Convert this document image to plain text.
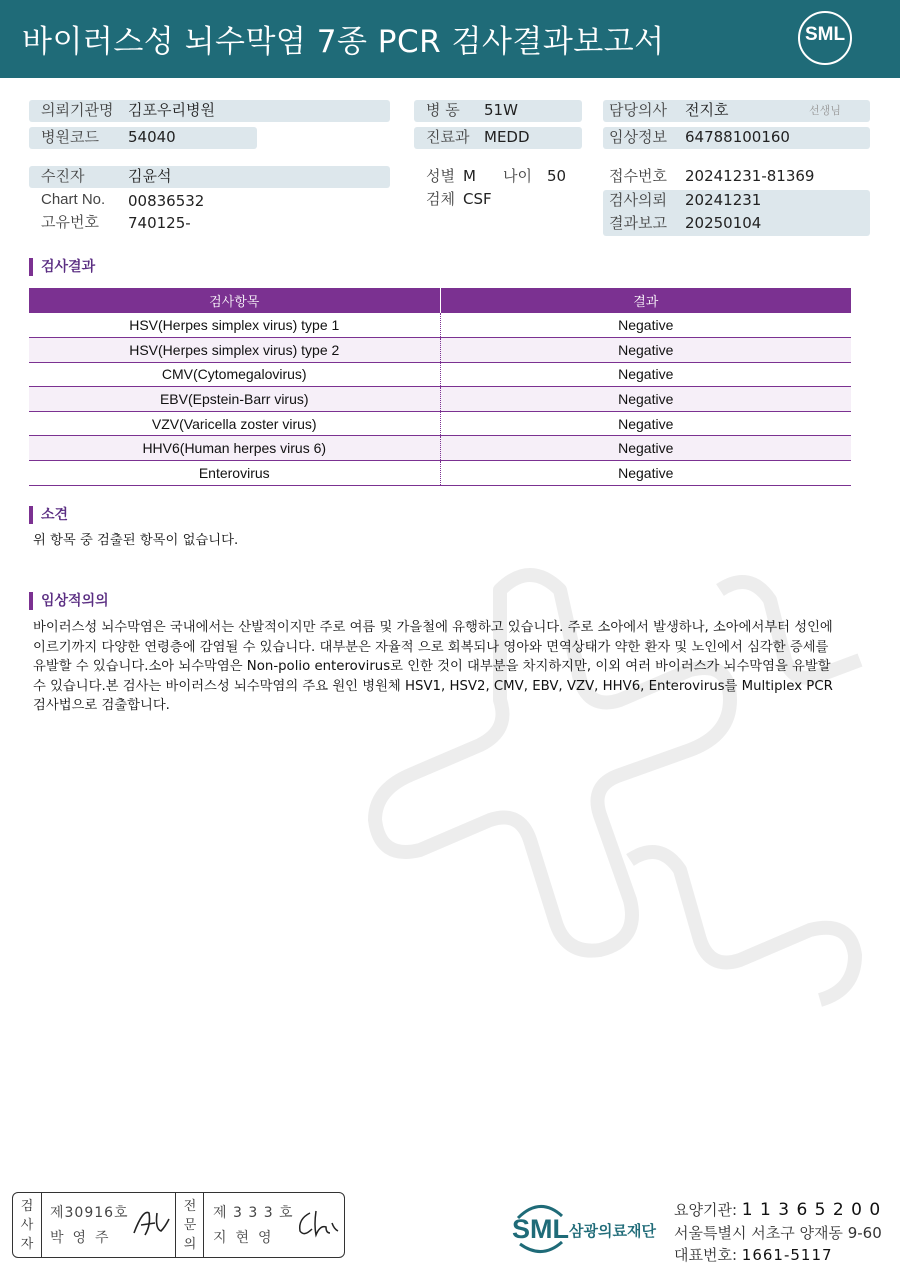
바이러스성 뇌수막염 7종 PCR 검사결과보고서	SML
의뢰기관명 김포우리병원
병원코드 54040
병 동 51W
진료과 MEDD
담당의사 전지호	선생님
임상정보 64788100160
수진자	김윤석
Chart No. 00836532
고유번호 740125-
성별 M 나이 50
검체 CSF
접수번호 20241231-81369
검사의뢰 20241231
결과보고 20250104
검사결과
검사항목	결과
HSV(Herpes simplex virus) type 1	Negative
HSV(Herpes simplex virus) type 2	Negative
CMV(Cytomegalovirus)	Negative
EBV(Epstein-Barr virus)	Negative
VZV(Varicella zoster virus)	Negative
HHV6(Human herpes virus 6)	Negative
Enterovirus	Negative
소견
위 항목 중 검출된 항목이 없습니다.
임상적의의
바이러스성 뇌수막염은 국내에서는 산발적이지만 주로 여름 및 가을철에 유행하고 있습니다. 주로 소아에서 발생하나, 소아에서부터 성인에
이르기까지 다양한 연령층에 감염될 수 있습니다. 대부분은 자율적 으로 회복되나 영아와 면역상태가 약한 환자 및 노인에서 심각한 증세를
유발할 수 있습니다.소아 뇌수막염은 Non-polio enterovirus로 인한 것이 대부분을 차지하지만, 이외 여러 바이러스가 뇌수막염을 유발할
수 있습니다.본 검사는 바이러스성 뇌수막염의 주요 원인 병원체 HSV1, HSV2, CMV, EBV, VZV, HHV6, Enterovirus를 Multiplex PCR
검사법으로 검출합니다.
검사자
제30916호
박영주
전문의
제 3 3 3 호
지현영	SML 삼광의료재단
요양기관: 1 1 3 6 5 2 0 0
서울특별시 서초구 양재동 9-60
대표번호: 1661-5117
